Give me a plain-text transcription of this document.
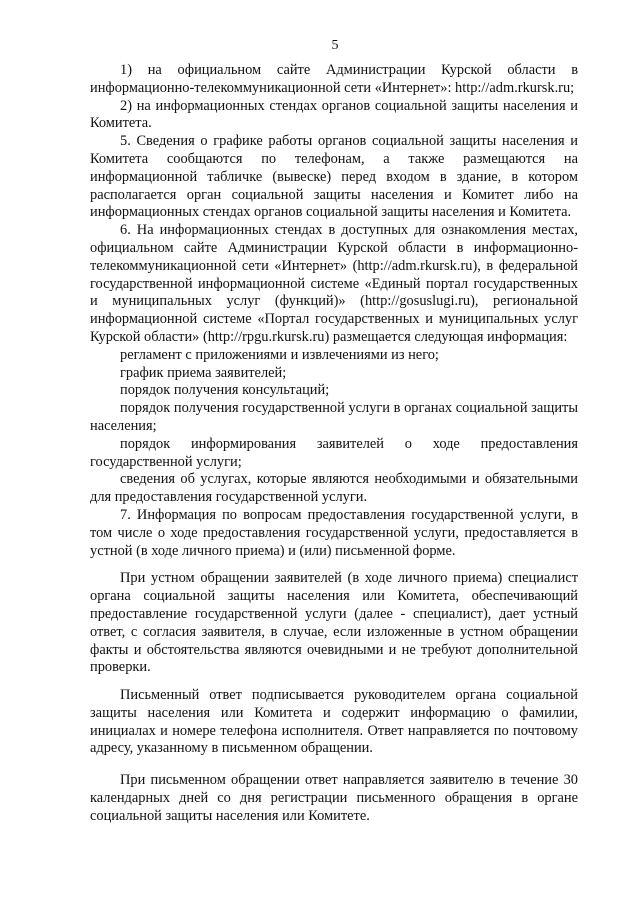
5

1) на официальном сайте Администрации Курской области в информационно-телекоммуникационной сети «Интернет»: http://adm.rkursk.ru;

2) на информационных стендах органов социальной защиты населения и Комитета.

5. Сведения о графике работы органов социальной защиты населения и Комитета сообщаются по телефонам, а также размещаются на информационной табличке (вывеске) перед входом в здание, в котором располагается орган социальной защиты населения и Комитет либо на информационных стендах органов социальной защиты населения и Комитета.

6. На информационных стендах в доступных для ознакомления местах, официальном сайте Администрации Курской области в информационно-телекоммуникационной сети «Интернет» (http://adm.rkursk.ru), в федеральной государственной информационной системе «Единый портал государственных и муниципальных услуг (функций)» (http://gosuslugi.ru), региональной информационной системе «Портал государственных и муниципальных услуг Курской области» (http://rpgu.rkursk.ru) размещается следующая информация:

регламент с приложениями и извлечениями из него;

график приема заявителей;

порядок получения консультаций;

порядок получения государственной услуги в органах социальной защиты населения;

порядок информирования заявителей о ходе предоставления государственной услуги;

сведения об услугах, которые являются необходимыми и обязательными для предоставления государственной услуги.

7. Информация по вопросам предоставления государственной услуги, в том числе о ходе предоставления государственной услуги, предоставляется в устной (в ходе личного приема) и (или) письменной форме.

При устном обращении заявителей (в ходе личного приема) специалист органа социальной защиты населения или Комитета, обеспечивающий предоставление государственной услуги (далее - специалист), дает устный ответ, с согласия заявителя, в случае, если изложенные в устном обращении факты и обстоятельства являются очевидными и не требуют дополнительной проверки.

Письменный ответ подписывается руководителем органа социальной защиты населения или Комитета и содержит информацию о фамилии, инициалах и номере телефона исполнителя. Ответ направляется по почтовому адресу, указанному в письменном обращении.

При письменном обращении ответ направляется заявителю в течение 30 календарных дней со дня регистрации письменного обращения в органе социальной защиты населения или Комитете.
